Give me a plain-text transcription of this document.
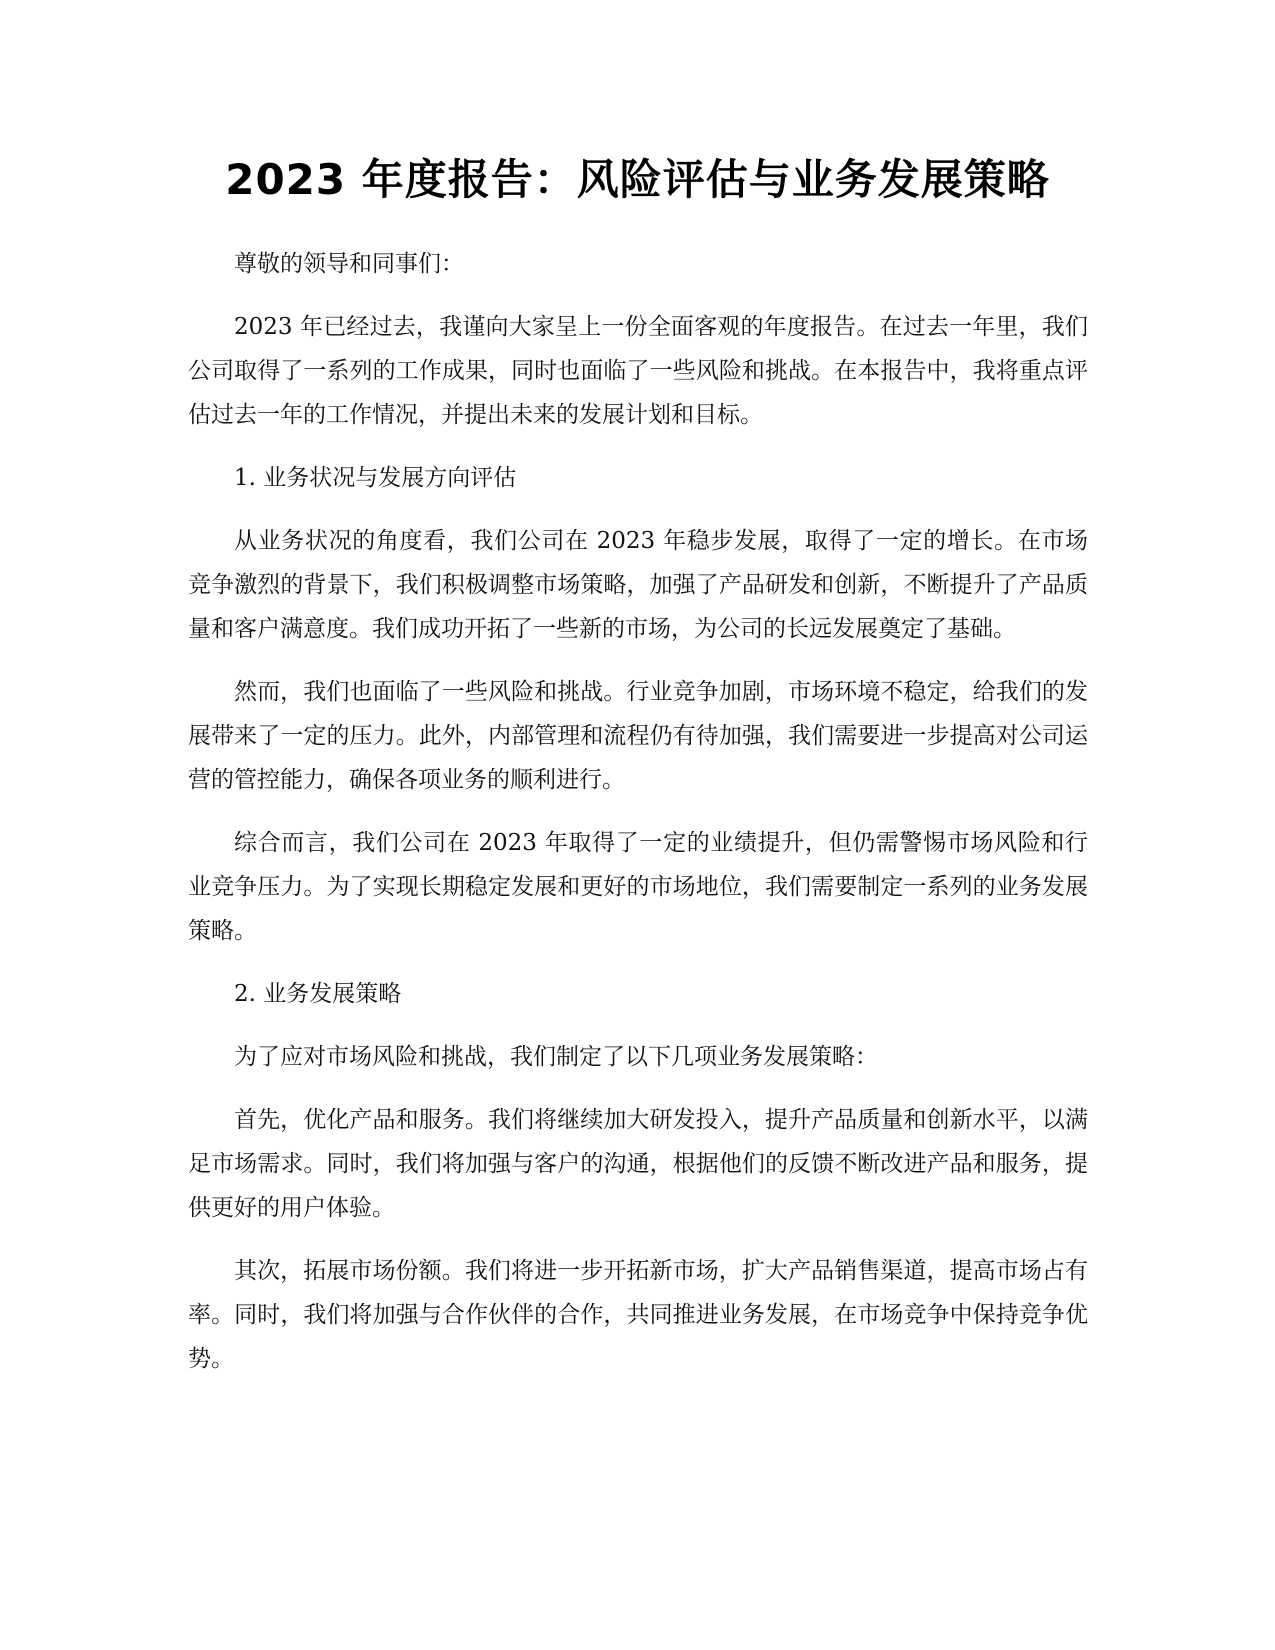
2023 年度报告：风险评估与业务发展策略

尊敬的领导和同事们：

2023 年已经过去，我谨向大家呈上一份全面客观的年度报告。在过去一年里，我们公司取得了一系列的工作成果，同时也面临了一些风险和挑战。在本报告中，我将重点评估过去一年的工作情况，并提出未来的发展计划和目标。

1. 业务状况与发展方向评估

从业务状况的角度看，我们公司在 2023 年稳步发展，取得了一定的增长。在市场竞争激烈的背景下，我们积极调整市场策略，加强了产品研发和创新，不断提升了产品质量和客户满意度。我们成功开拓了一些新的市场，为公司的长远发展奠定了基础。

然而，我们也面临了一些风险和挑战。行业竞争加剧，市场环境不稳定，给我们的发展带来了一定的压力。此外，内部管理和流程仍有待加强，我们需要进一步提高对公司运营的管控能力，确保各项业务的顺利进行。

综合而言，我们公司在 2023 年取得了一定的业绩提升，但仍需警惕市场风险和行业竞争压力。为了实现长期稳定发展和更好的市场地位，我们需要制定一系列的业务发展策略。

2. 业务发展策略

为了应对市场风险和挑战，我们制定了以下几项业务发展策略：

首先，优化产品和服务。我们将继续加大研发投入，提升产品质量和创新水平，以满足市场需求。同时，我们将加强与客户的沟通，根据他们的反馈不断改进产品和服务，提供更好的用户体验。

其次，拓展市场份额。我们将进一步开拓新市场，扩大产品销售渠道，提高市场占有率。同时，我们将加强与合作伙伴的合作，共同推进业务发展，在市场竞争中保持竞争优势。
